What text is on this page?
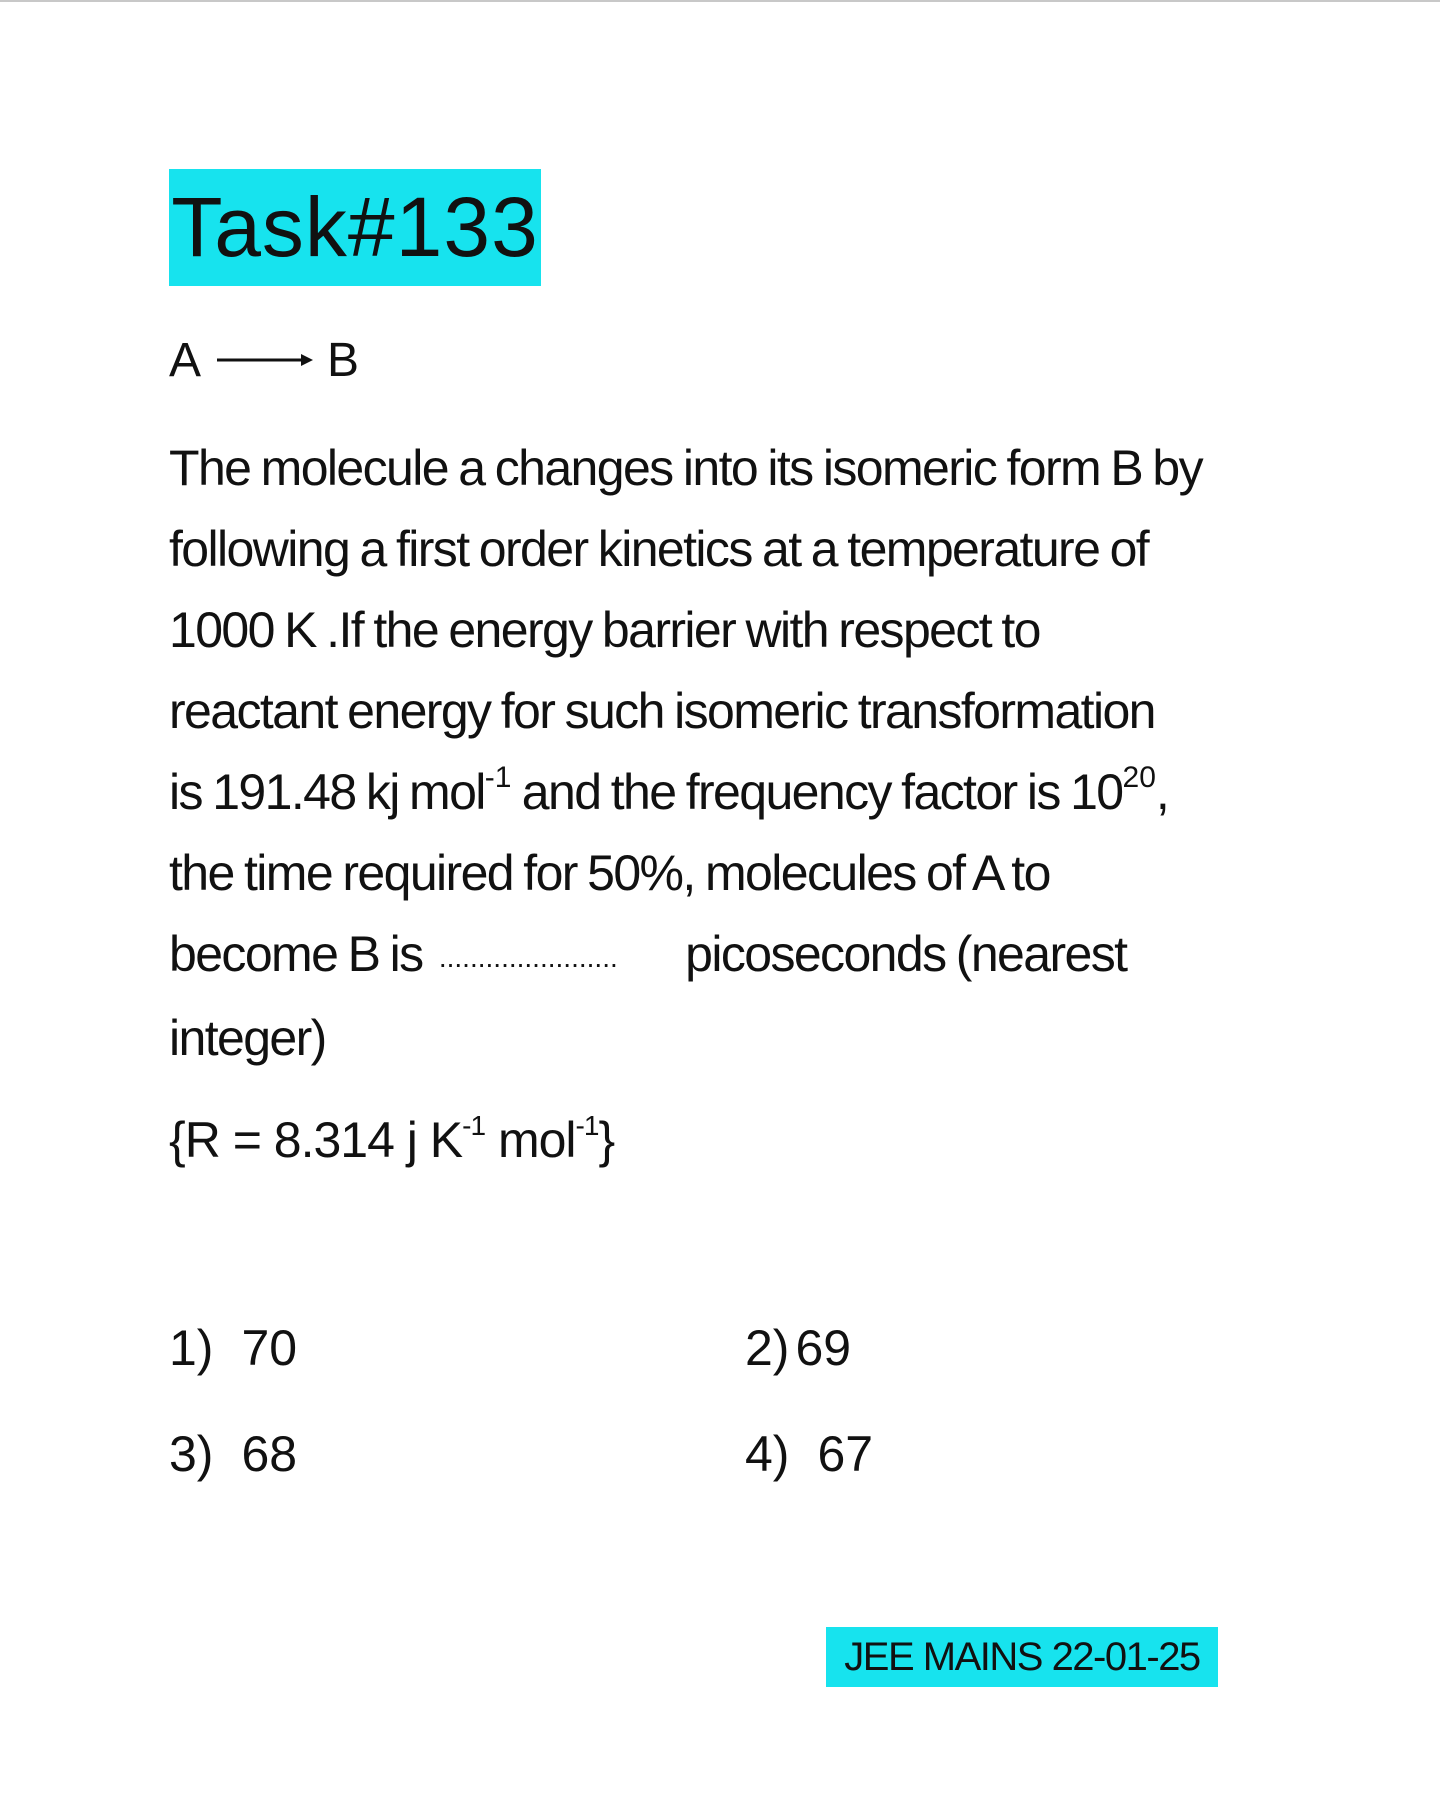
Task#133
A → B

The molecule a changes into its isomeric form B by

following a first order kinetics at a temperature of

1000 K .If the energy barrier with respect to

reactant energy for such isomeric transformation

is 191.48 kj mol$^{-1}$ and the frequency factor is $10^{20}$,

the time required for 50%, molecules of A to

become B is ....................... picoseconds (nearest

integer)

{R = 8.314 j $K^{-1}$ mol$^{-1}$}
1) 70	2) 69
3) 68	4) 67
JEE MAINS 22-01-25
